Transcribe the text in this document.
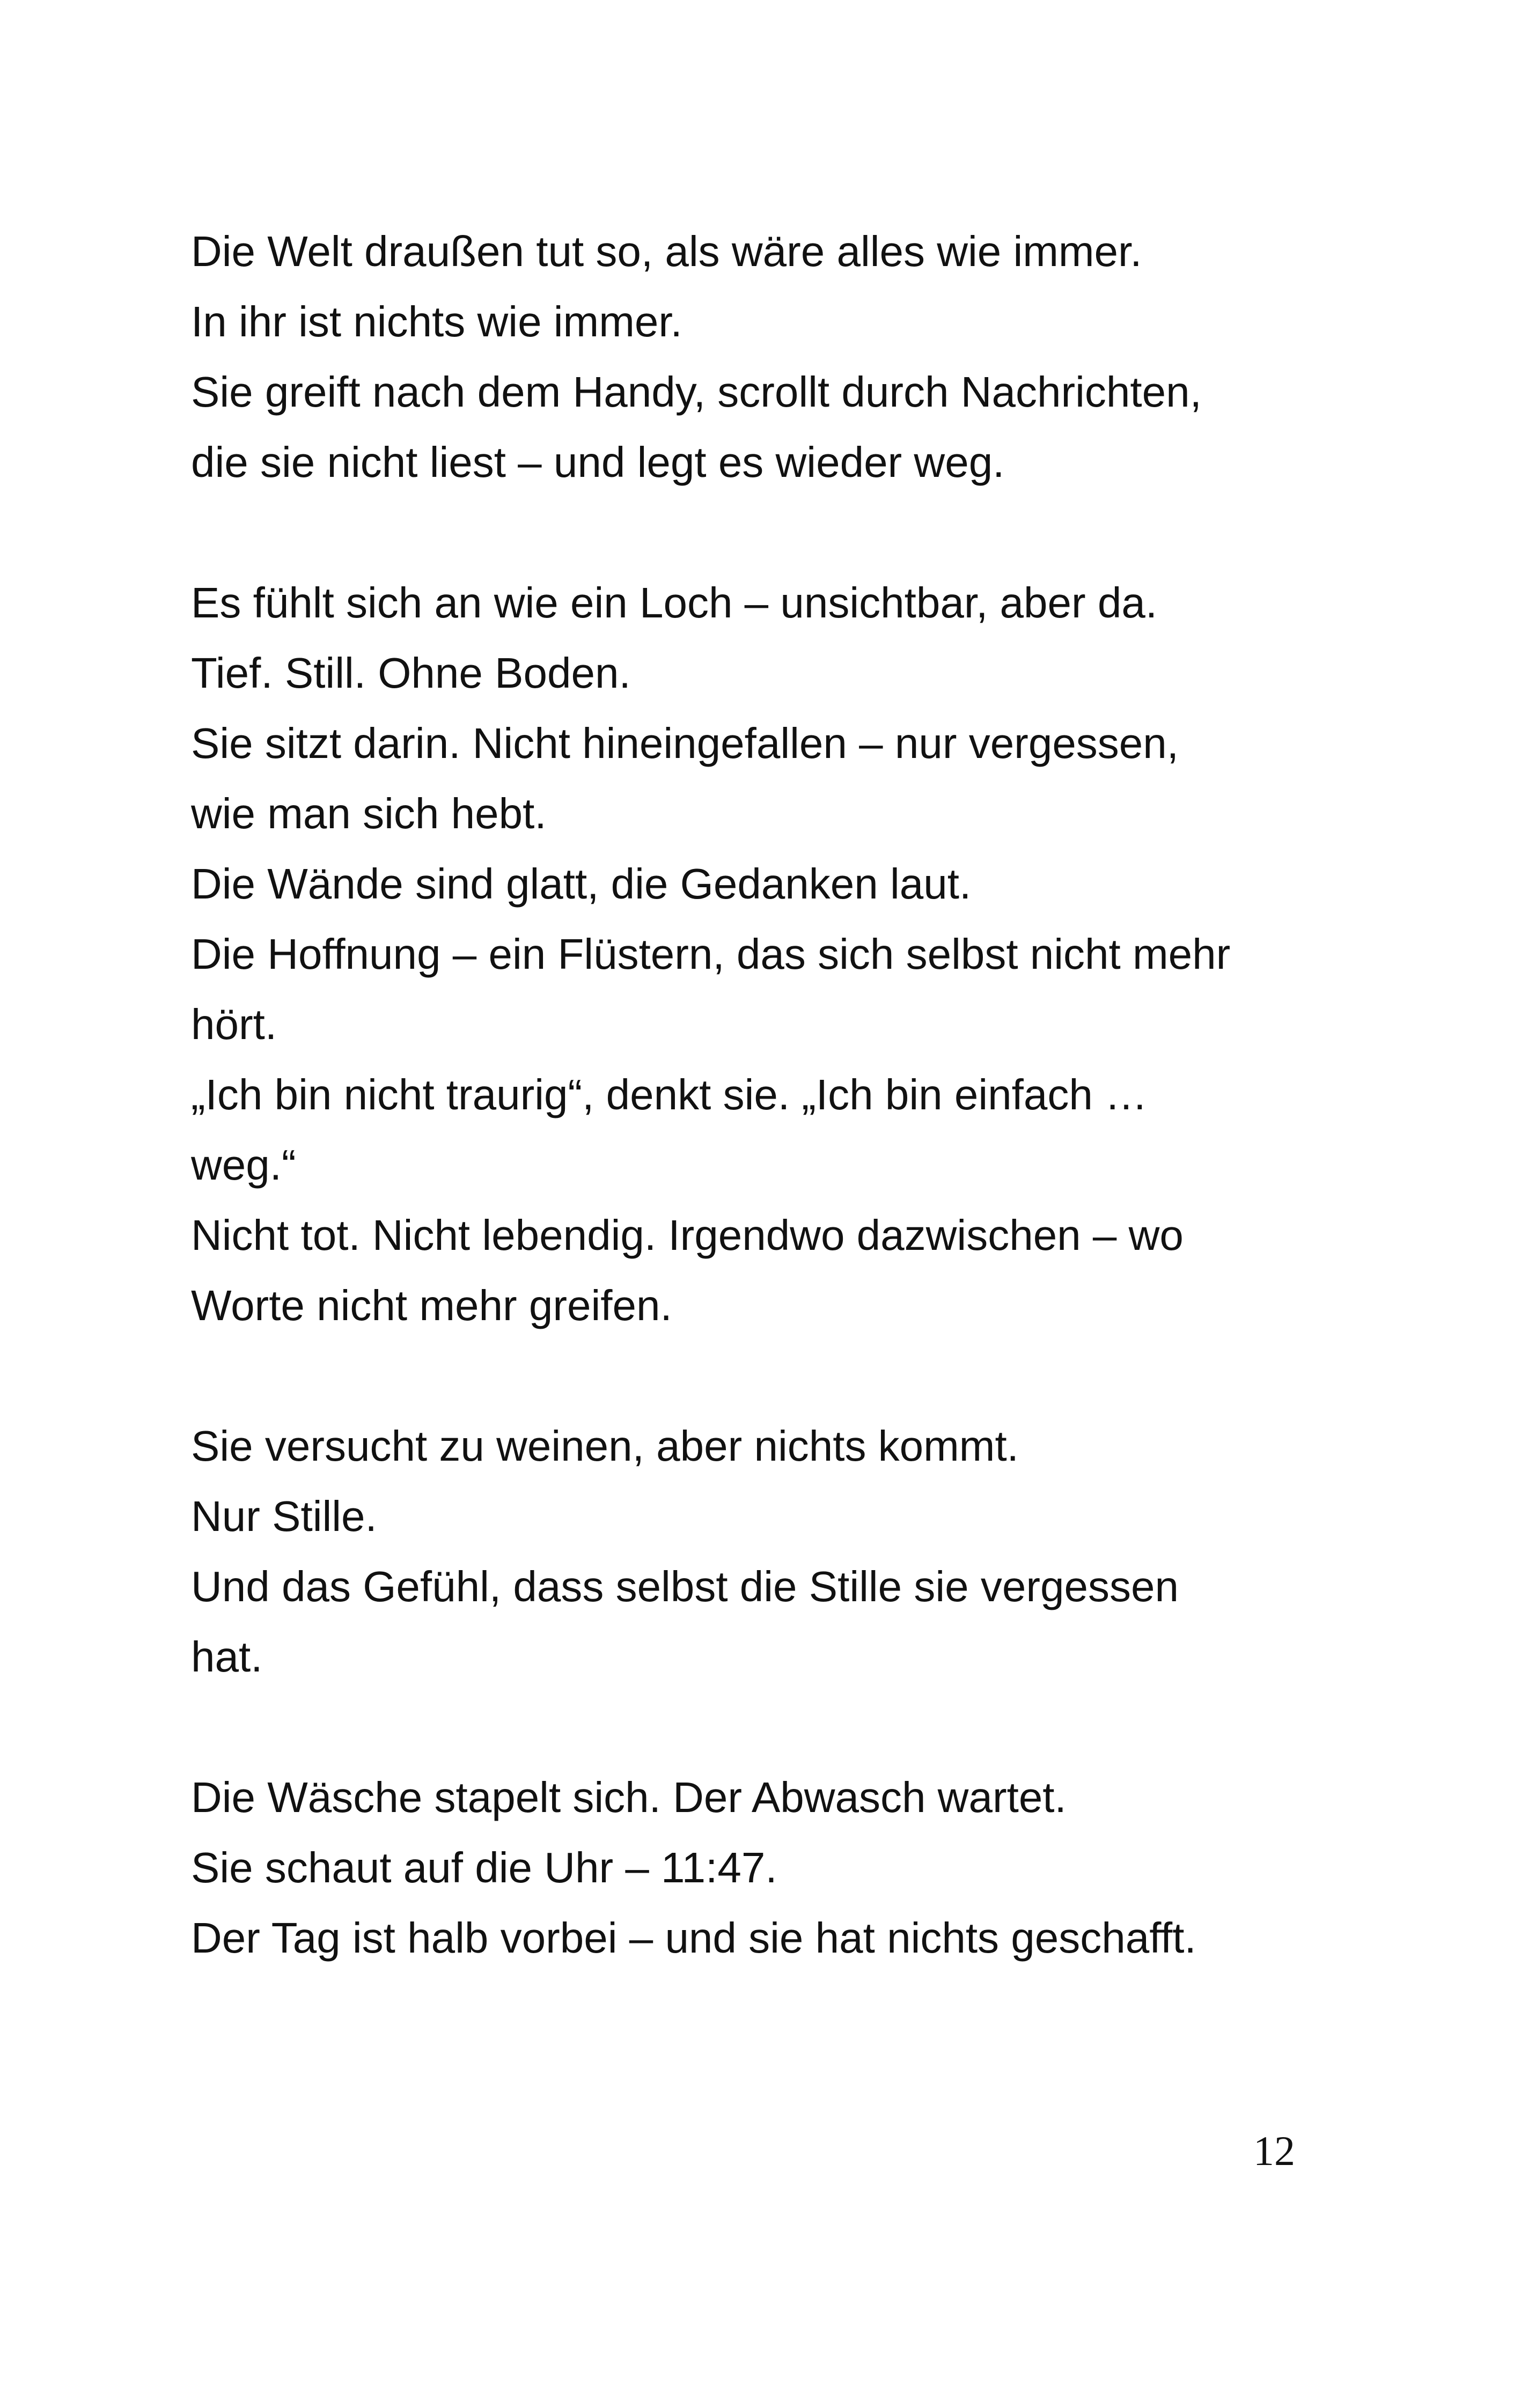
Die Welt draußen tut so, als wäre alles wie immer.
In ihr ist nichts wie immer.
Sie greift nach dem Handy, scrollt durch Nachrichten,
die sie nicht liest – und legt es wieder weg.

Es fühlt sich an wie ein Loch – unsichtbar, aber da.
Tief. Still. Ohne Boden.
Sie sitzt darin. Nicht hineingefallen – nur vergessen,
wie man sich hebt.
Die Wände sind glatt, die Gedanken laut.
Die Hoffnung – ein Flüstern, das sich selbst nicht mehr
hört.
„Ich bin nicht traurig“, denkt sie. „Ich bin einfach …
weg.“
Nicht tot. Nicht lebendig. Irgendwo dazwischen – wo
Worte nicht mehr greifen.

Sie versucht zu weinen, aber nichts kommt.
Nur Stille.
Und das Gefühl, dass selbst die Stille sie vergessen
hat.

Die Wäsche stapelt sich. Der Abwasch wartet.
Sie schaut auf die Uhr – 11:47.
Der Tag ist halb vorbei – und sie hat nichts geschafft.

12
